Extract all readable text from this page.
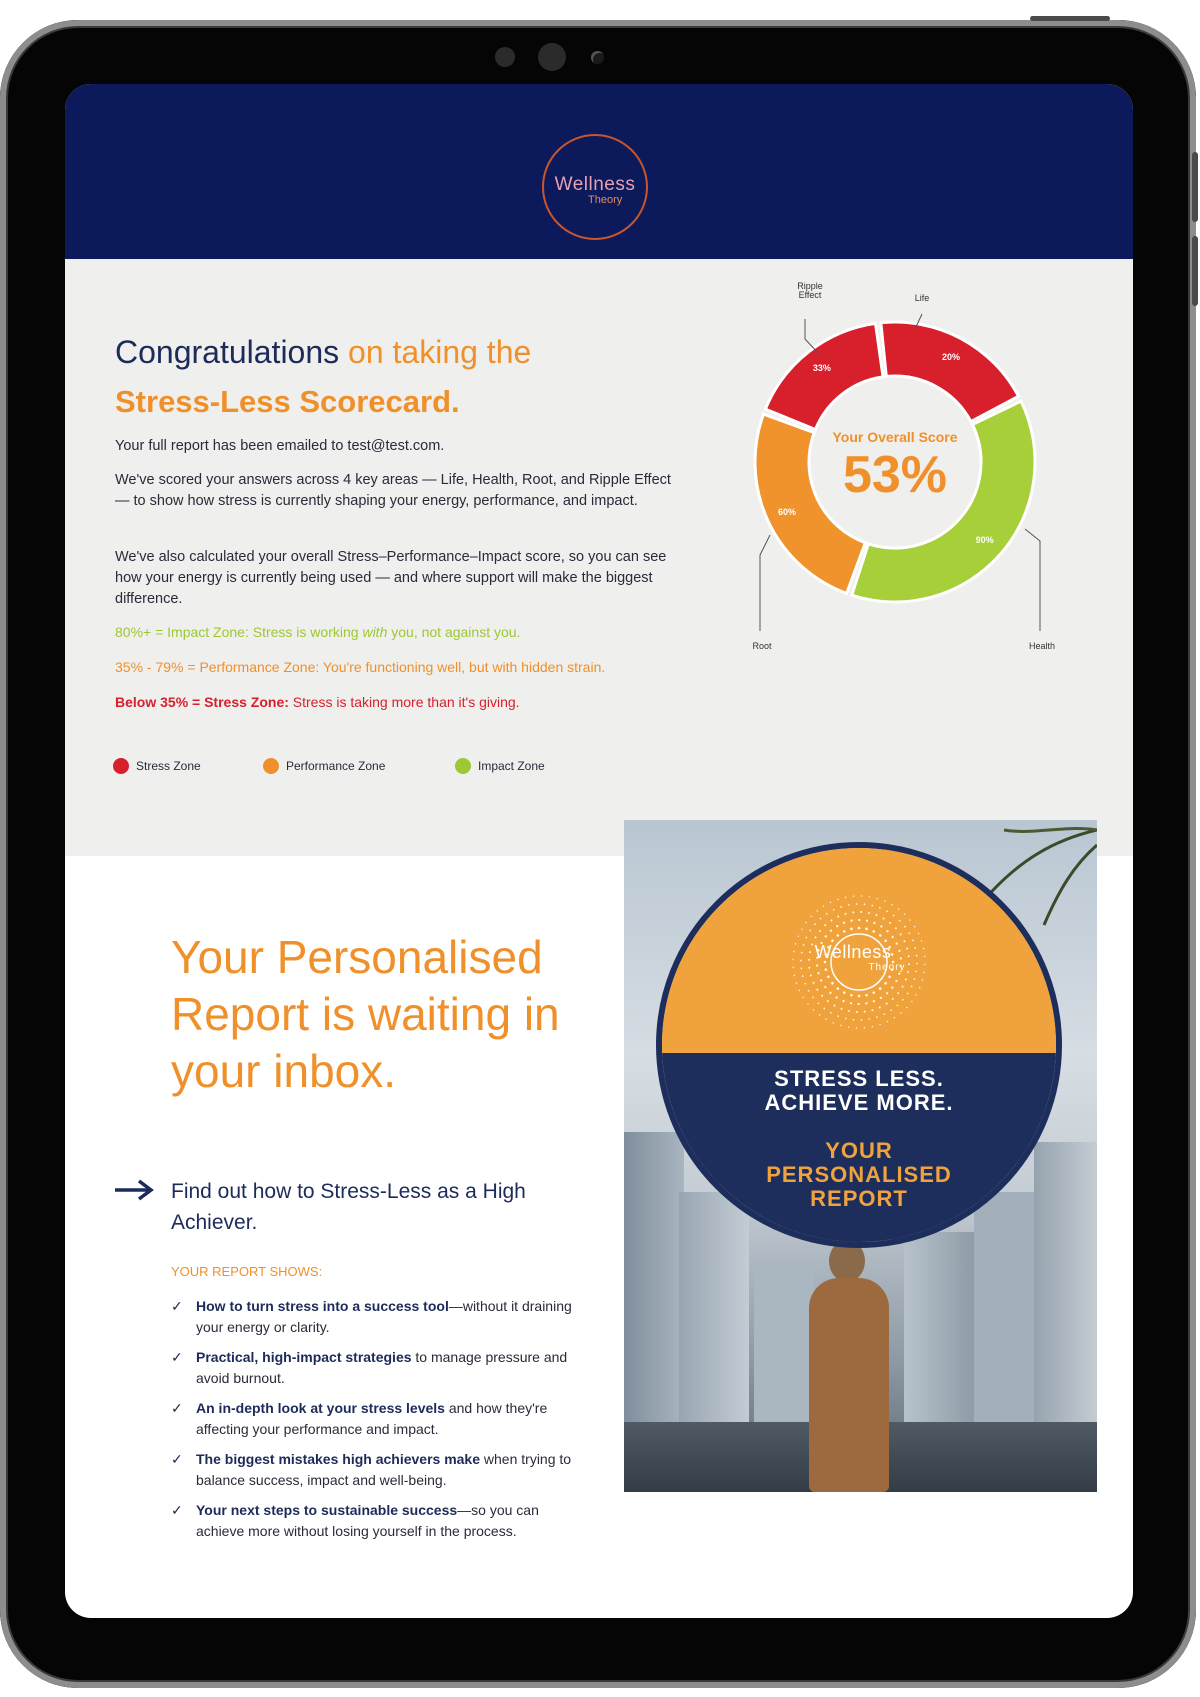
Wellness
Theory
Congratulations on taking the
Stress-Less Scorecard.
Your full report has been emailed to test@test.com.
We've scored your answers across 4 key areas — Life, Health, Root, and Ripple Effect — to show how stress is currently shaping your energy, performance, and impact.
We've also calculated your overall Stress–Performance–Impact score, so you can see how your energy is currently being used — and where support will make the biggest difference.
80%+ = Impact Zone: Stress is working with you, not against you.
35% - 79% = Performance Zone: You're functioning well, but with hidden strain.
Below 35% = Stress Zone: Stress is taking more than it's giving.
Stress Zone	Performance Zone	Impact Zone
20%
90%
60%
33%
Your Overall Score
53%
Life
Health
Root
Ripple
Effect
Your Personalised Report is waiting in your inbox.
Find out how to Stress-Less as a High Achiever.
YOUR REPORT SHOWS:
✓ How to turn stress into a success tool—without it draining your energy or clarity.
✓ Practical, high-impact strategies to manage pressure and avoid burnout.
✓ An in-depth look at your stress levels and how they're affecting your performance and impact.
✓ The biggest mistakes high achievers make when trying to balance success, impact and well-being.
✓ Your next steps to sustainable success—so you can achieve more without losing yourself in the process.
Wellness
Theory
STRESS LESS.
ACHIEVE MORE.
YOUR
PERSONALISED
REPORT
